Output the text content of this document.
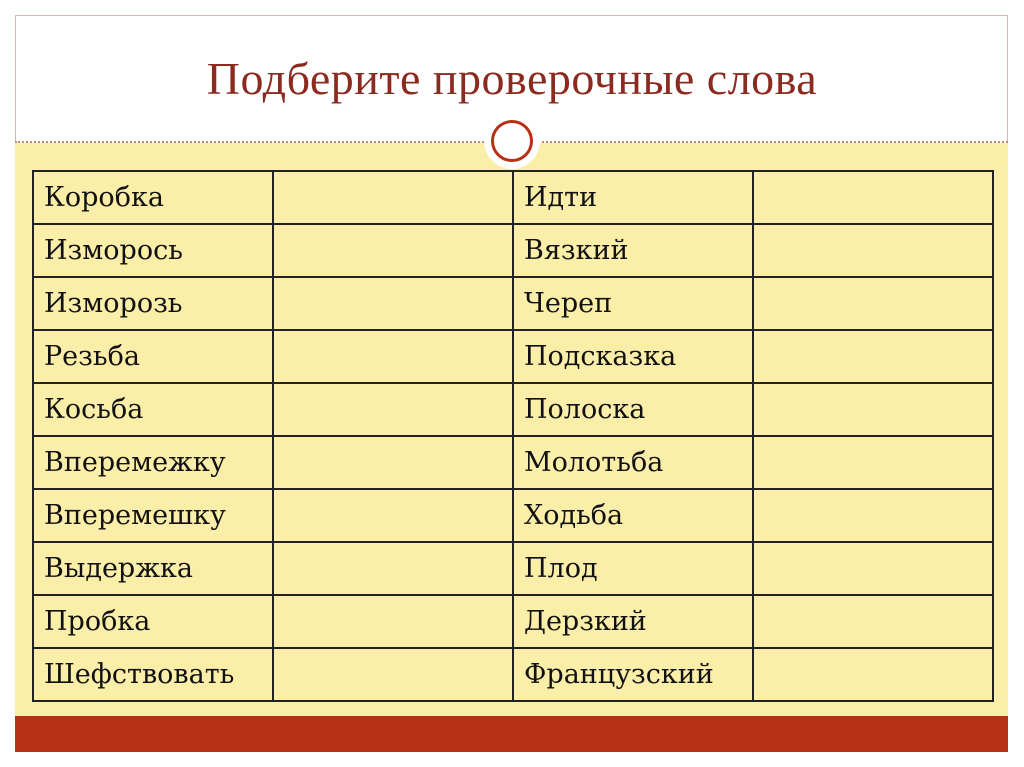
Подберите проверочные слова
Коробка		Идти	
Изморось		Вязкий	
Изморозь		Череп	
Резьба		Подсказка	
Косьба		Полоска	
Вперемежку		Молотьба	
Вперемешку		Ходьба	
Выдержка		Плод	
Пробка		Дерзкий	
Шефствовать		Французский	
